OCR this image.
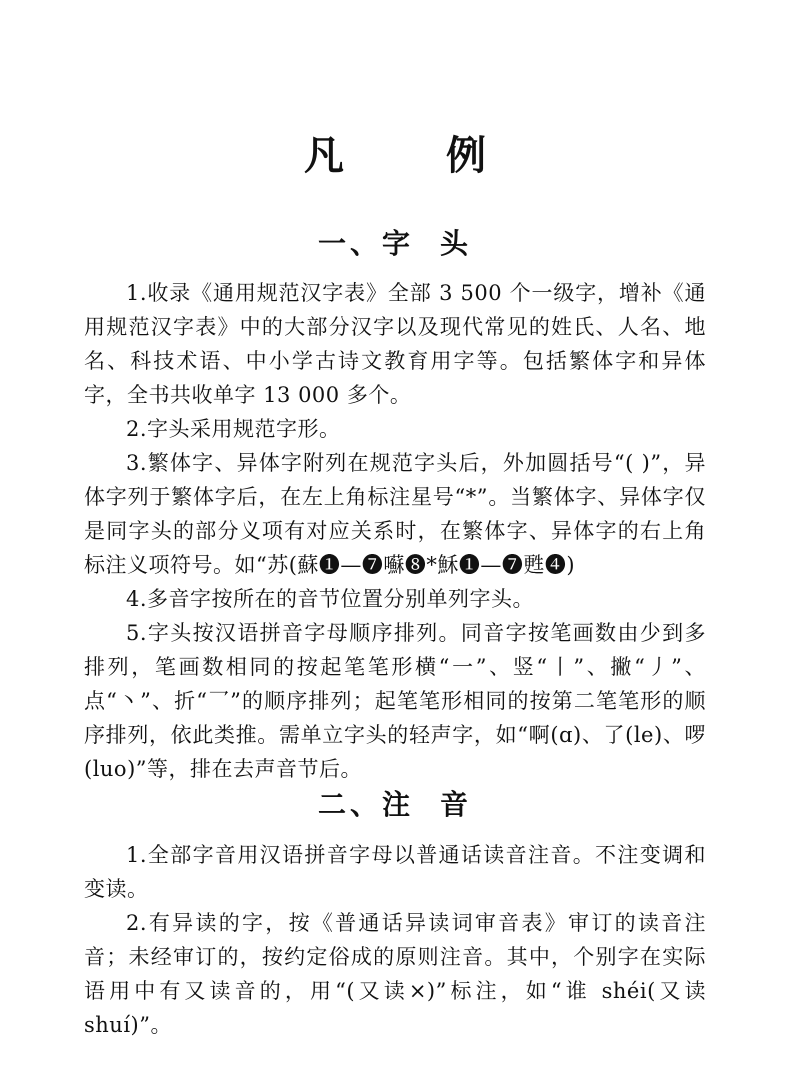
凡 例
一、字 头

1.收录《通用规范汉字表》全部 3 500 个一级字，增补《通用规范汉字表》中的大部分汉字以及现代常见的姓氏、人名、地名、科技术语、中小学古诗文教育用字等。包括繁体字和异体字，全书共收单字 13 000 多个。

2.字头采用规范字形。

3.繁体字、异体字附列在规范字头后，外加圆括号“( )”，异体字列于繁体字后，在左上角标注星号“*”。当繁体字、异体字仅是同字头的部分义项有对应关系时，在繁体字、异体字的右上角标注义项符号。如“苏(蘇❶—❼囌❽*穌❶—❼甦❹)

4.多音字按所在的音节位置分别单列字头。

5.字头按汉语拼音字母顺序排列。同音字按笔画数由少到多排列，笔画数相同的按起笔笔形横“一”、竖“丨”、撇“丿”、点“丶”、折“乛”的顺序排列；起笔笔形相同的按第二笔笔形的顺序排列，依此类推。需单立字头的轻声字，如“啊(ɑ)、了(le)、啰(luo)”等，排在去声音节后。

二、注 音

1.全部字音用汉语拼音字母以普通话读音注音。不注变调和变读。

2.有异读的字，按《普通话异读词审音表》审订的读音注音；未经审订的，按约定俗成的原则注音。其中，个别字在实际语用中有又读音的，用“(又读×)”标注，如“谁 shéi(又读 shuí)”。
